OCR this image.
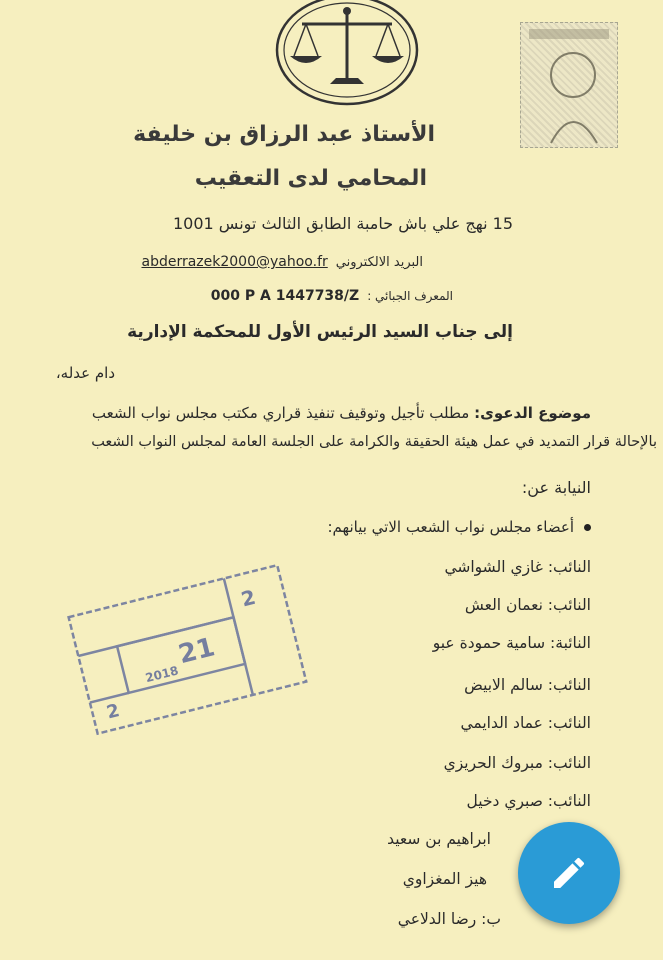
الأستاذ عبد الرزاق بن خليفة
المحامي لدى التعقيب
15 نهج علي باش حامبة الطابق الثالث تونس 1001
البريد الالكتروني
abderrazek2000@yahoo.fr
المعرف الجبائي :
000 P A 1447738/Z
إلى جناب السيد الرئيس الأول للمحكمة الإدارية
دام عدله،
موضوع الدعوى: مطلب تأجيل وتوقيف تنفيذ قراري مكتب مجلس نواب الشعب
بالإحالة قرار التمديد في عمل هيئة الحقيقة والكرامة على الجلسة العامة لمجلس النواب الشعب
النيابة عن:
أعضاء مجلس نواب الشعب الاتي بيانهم:
النائب: غازي الشواشي
النائب: نعمان العش
النائبة: سامية حمودة عبو
النائب: سالم الابيض
النائب: عماد الدايمي
النائب: مبروك الحريزي
النائب: صبري دخيل
ابراهيم بن سعيد
هيز المغزاوي
ب: رضا الدلاعي
21
2018
2
2
